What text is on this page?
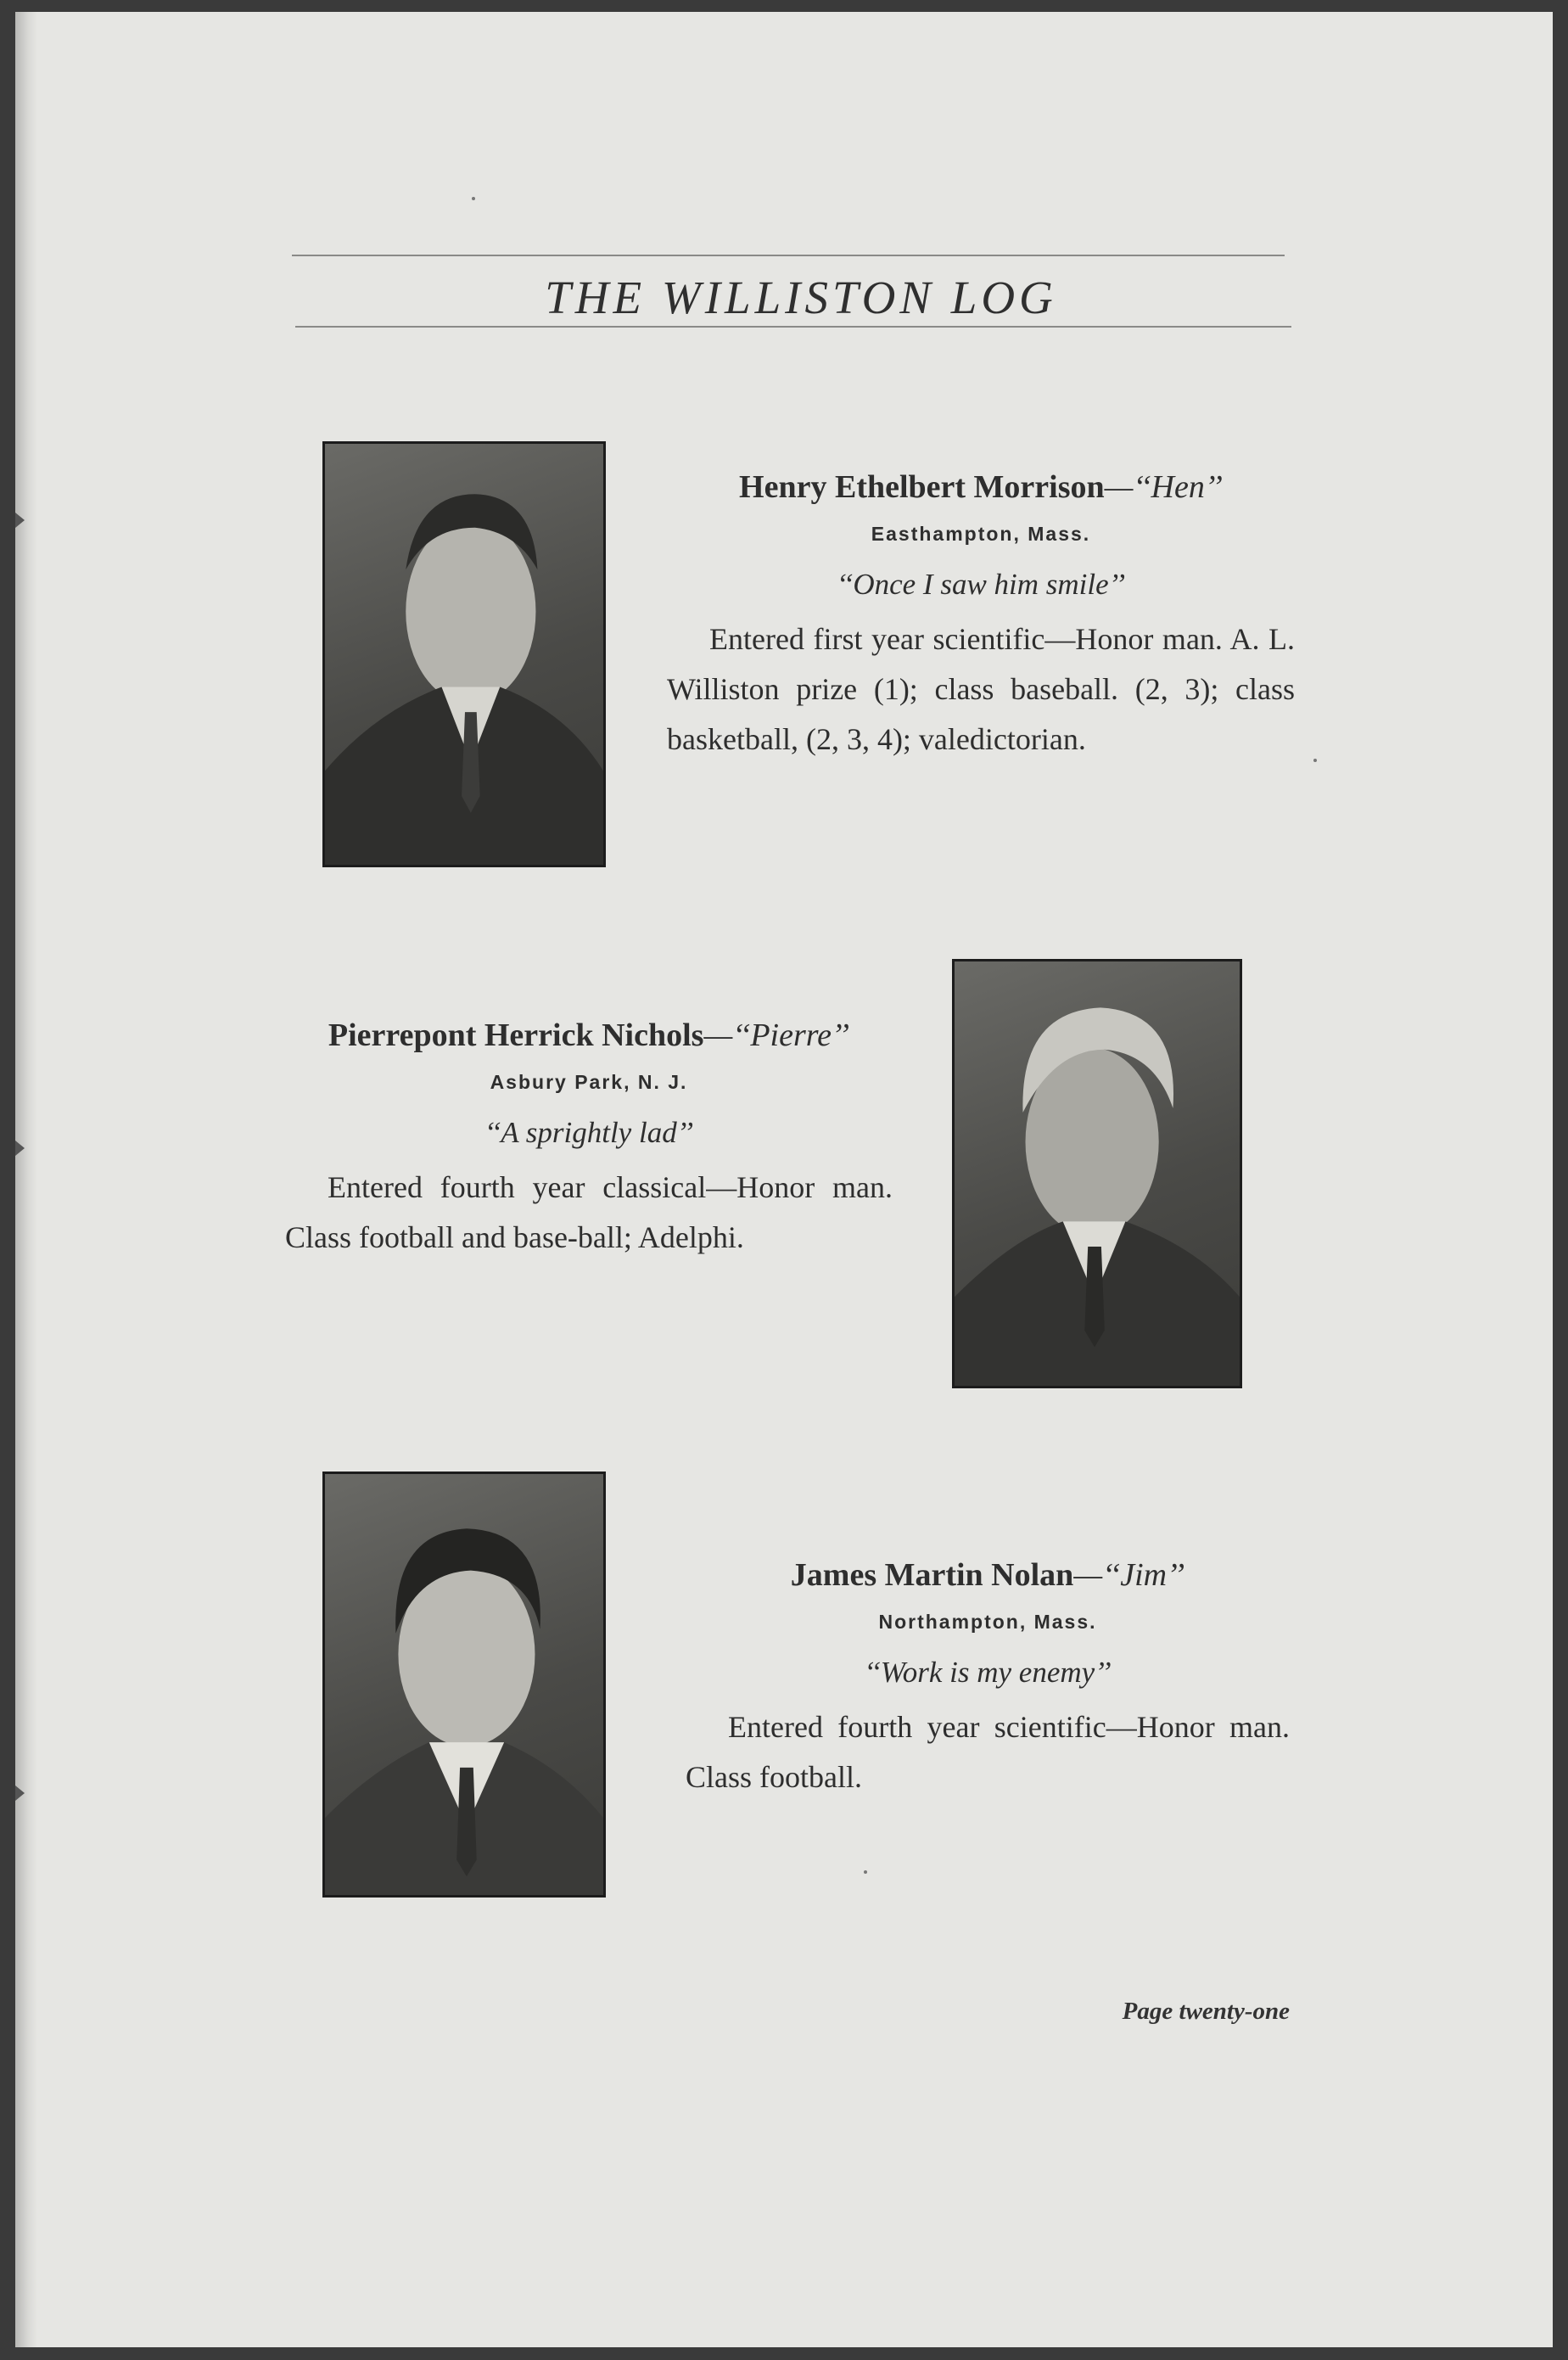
THE WILLISTON LOG
Henry Ethelbert Morrison—‘‘Hen’’
Easthampton, Mass.
‘‘Once I saw him smile’’
Entered first year scientific—Honor man. A. L. Williston prize (1); class baseball. (2, 3); class basketball, (2, 3, 4); valedictorian.
Pierrepont Herrick Nichols—‘‘Pierre’’
Asbury Park, N. J.
‘‘A sprightly lad’’
Entered fourth year classical—Honor man. Class football and base-ball; Adelphi.
James Martin Nolan—‘‘Jim’’
Northampton, Mass.
‘‘Work is my enemy’’
Entered fourth year scientific—Honor man. Class football.
Page twenty-one
